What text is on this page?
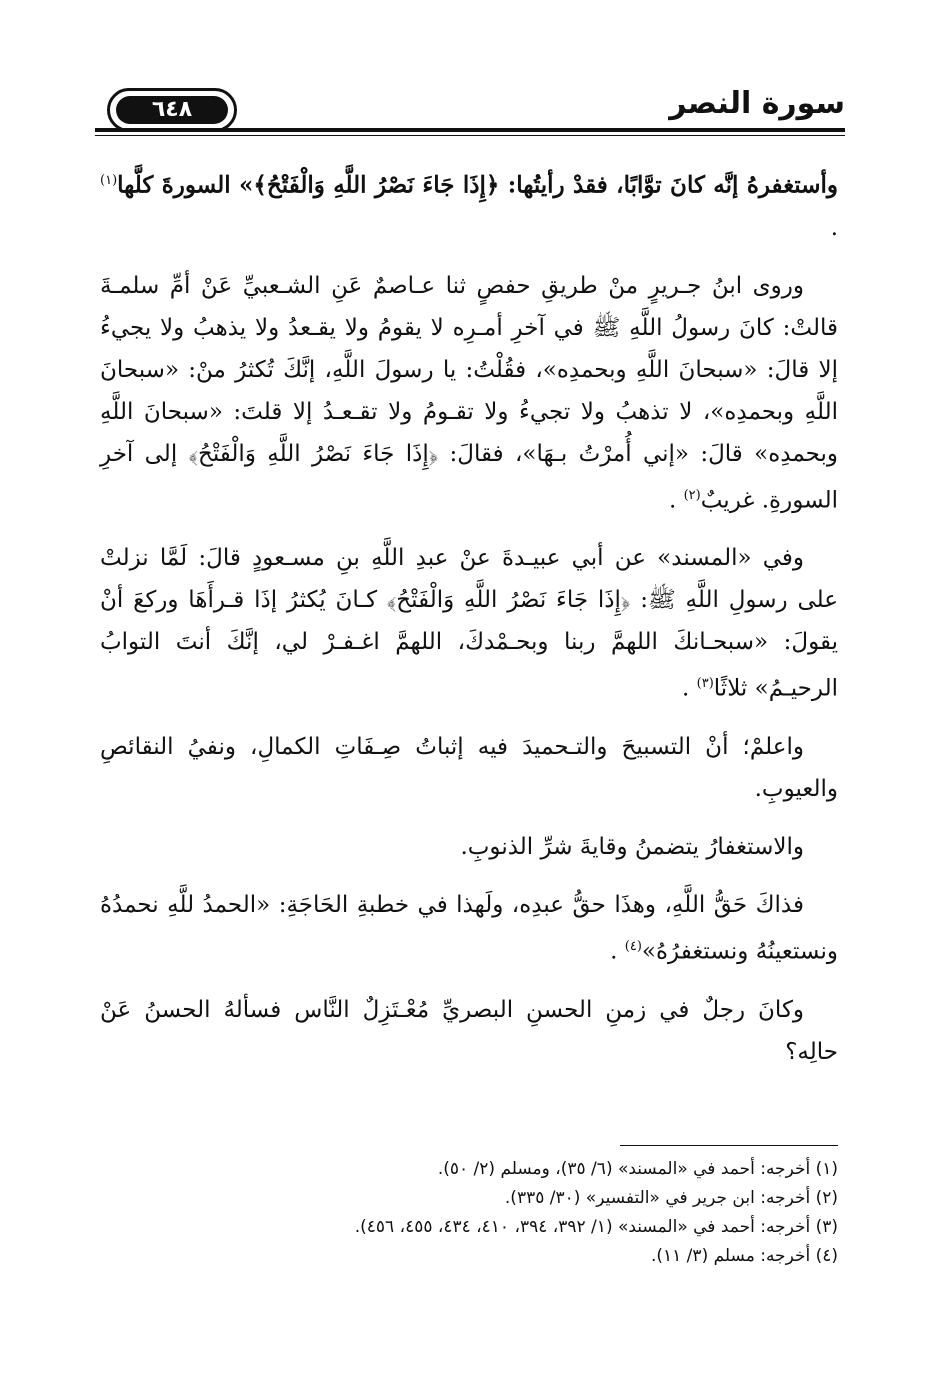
٦٤٨	سورة النصر

وأستغفرهُ إنَّه كانَ توَّابًا، فقدْ رأيتُها: ﴿إِذَا جَاءَ نَصْرُ اللَّهِ وَالْفَتْحُ﴾» السورةَ كلَّها$^{(١)}$ .

وروى ابنُ جـريرٍ منْ طريقِ حفصٍ ثنا عـاصمٌ عَنِ الشـعبيِّ عَنْ أمِّ سلمـةَ قالتْ: كانَ رسولُ اللَّهِ ﷺ في آخرِ أمـرِه لا يقومُ ولا يقـعدُ ولا يذهبُ ولا يجيءُ إلا قالَ: «سبحانَ اللَّهِ وبحمدِه»، فقُلْتُ: يا رسولَ اللَّهِ، إنَّكَ تُكثرُ منْ: «سبحانَ اللَّهِ وبحمدِه»، لا تذهبُ ولا تجيءُ ولا تقـومُ ولا تقـعـدُ إلا قلتَ: «سبحانَ اللَّهِ وبحمدِه» قالَ: «إني أُمرْتُ بـهَا»، فقالَ: ﴿إِذَا جَاءَ نَصْرُ اللَّهِ وَالْفَتْحُ﴾ إلى آخرِ السورةِ. غريبٌ$^{(٢)}$ .

وفي «المسند» عن أبي عبيـدةَ عنْ عبدِ اللَّهِ بنِ مسـعودٍ قالَ: لَمَّا نزلتْ على رسولِ اللَّهِ ﷺ: ﴿إِذَا جَاءَ نَصْرُ اللَّهِ وَالْفَتْحُ﴾ كـانَ يُكثرُ إذَا قـرأَهَا وركعَ أنْ يقولَ: «سبحـانكَ اللهمَّ ربنا وبحـمْدكَ، اللهمَّ اغـفـرْ لي، إنَّكَ أنتَ التوابُ الرحيـمُ» ثلاثًا$^{(٣)}$ .

واعلمْ؛ أنْ التسبيحَ والتـحميدَ فيه إثباتُ صِـفَاتِ الكمالِ، ونفيُ النقائصِ والعيوبِ.

والاستغفارُ يتضمنُ وقايةَ شرِّ الذنوبِ.

فذاكَ حَقُّ اللَّهِ، وهذَا حقُّ عبدِه، ولَهذا في خطبةِ الحَاجَةِ: «الحمدُ للَّهِ نحمدُهُ ونستعينُهُ ونستغفرُهُ»$^{(٤)}$ .

وكانَ رجلٌ في زمنِ الحسنِ البصريِّ مُعْـتَزِلٌ النَّاس فسألهُ الحسنُ عَنْ حالِه؟

(١) أخرجه: أحمد في «المسند» (٦/ ٣٥)، ومسلم (٢/ ٥٠).

(٢) أخرجه: ابن جرير في «التفسير» (٣٠/ ٣٣٥).

(٣) أخرجه: أحمد في «المسند» (١/ ٣٩٢، ٣٩٤، ٤١٠، ٤٣٤، ٤٥٥، ٤٥٦).

(٤) أخرجه: مسلم (٣/ ١١).
